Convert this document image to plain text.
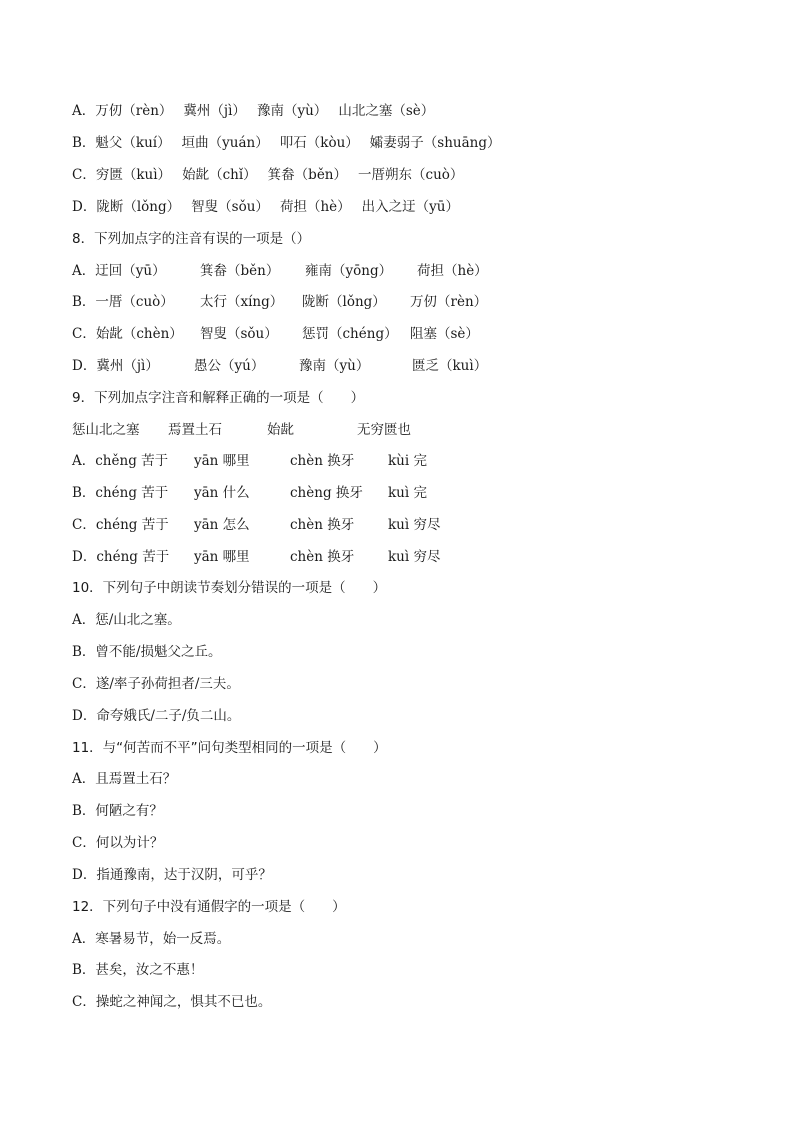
A．万仞（rèn）　 冀州（jì）　 豫南（yù）　 山北之塞（sè）
B．魁父（kuí）　 垣曲（yuán）　 叩石（kòu）　 孀妻弱子（shuāng）
C．穷匮（kuì）　 始龀（chǐ）　 箕畚（běn）　 一厝朔东（cuò）
D．陇断（lǒng）　 智叟（sǒu）　 荷担（hè）　 出入之迂（yū）
8．下列加点字的注音有误的一项是（）
A．迂回（yū）	箕畚（běn） 雍南（yōng） 荷担（hè）
B．一厝（cuò） 太行（xíng） 陇断（lǒng） 万仞（rèn）
C．始龀（chèn） 智叟（sǒu） 惩罚（chéng） 阻塞（sè）
D．冀州（jì）	愚公（yú）	豫南（yù）	匮乏（kuì）
9．下列加点字注音和解释正确的一项是（　　）
惩山北之塞 焉置土石	始龀	无穷匮也
A．chěng 苦于 yān 哪里	chèn 换牙	kùi 完
B．chéng 苦于 yān 什么	chèng 换牙 kuì 完
C．chéng 苦于 yān 怎么	chèn 换牙	kuì 穷尽
D．chéng 苦于 yān 哪里	chèn 换牙	kuì 穷尽
10．下列句子中朗读节奏划分错误的一项是（　　）
A．惩/山北之塞。
B．曾不能/损魁父之丘。
C．遂/率子孙荷担者/三夫。
D．命夸娥氏/二子/负二山。
11．与“何苦而不平”问句类型相同的一项是（　　）
A．且焉置土石？
B．何陋之有？
C．何以为计？
D．指通豫南，达于汉阴，可乎？
12．下列句子中没有通假字的一项是（　　）
A．寒暑易节，始一反焉。
B．甚矣，汝之不惠！
C．操蛇之神闻之，惧其不已也。
